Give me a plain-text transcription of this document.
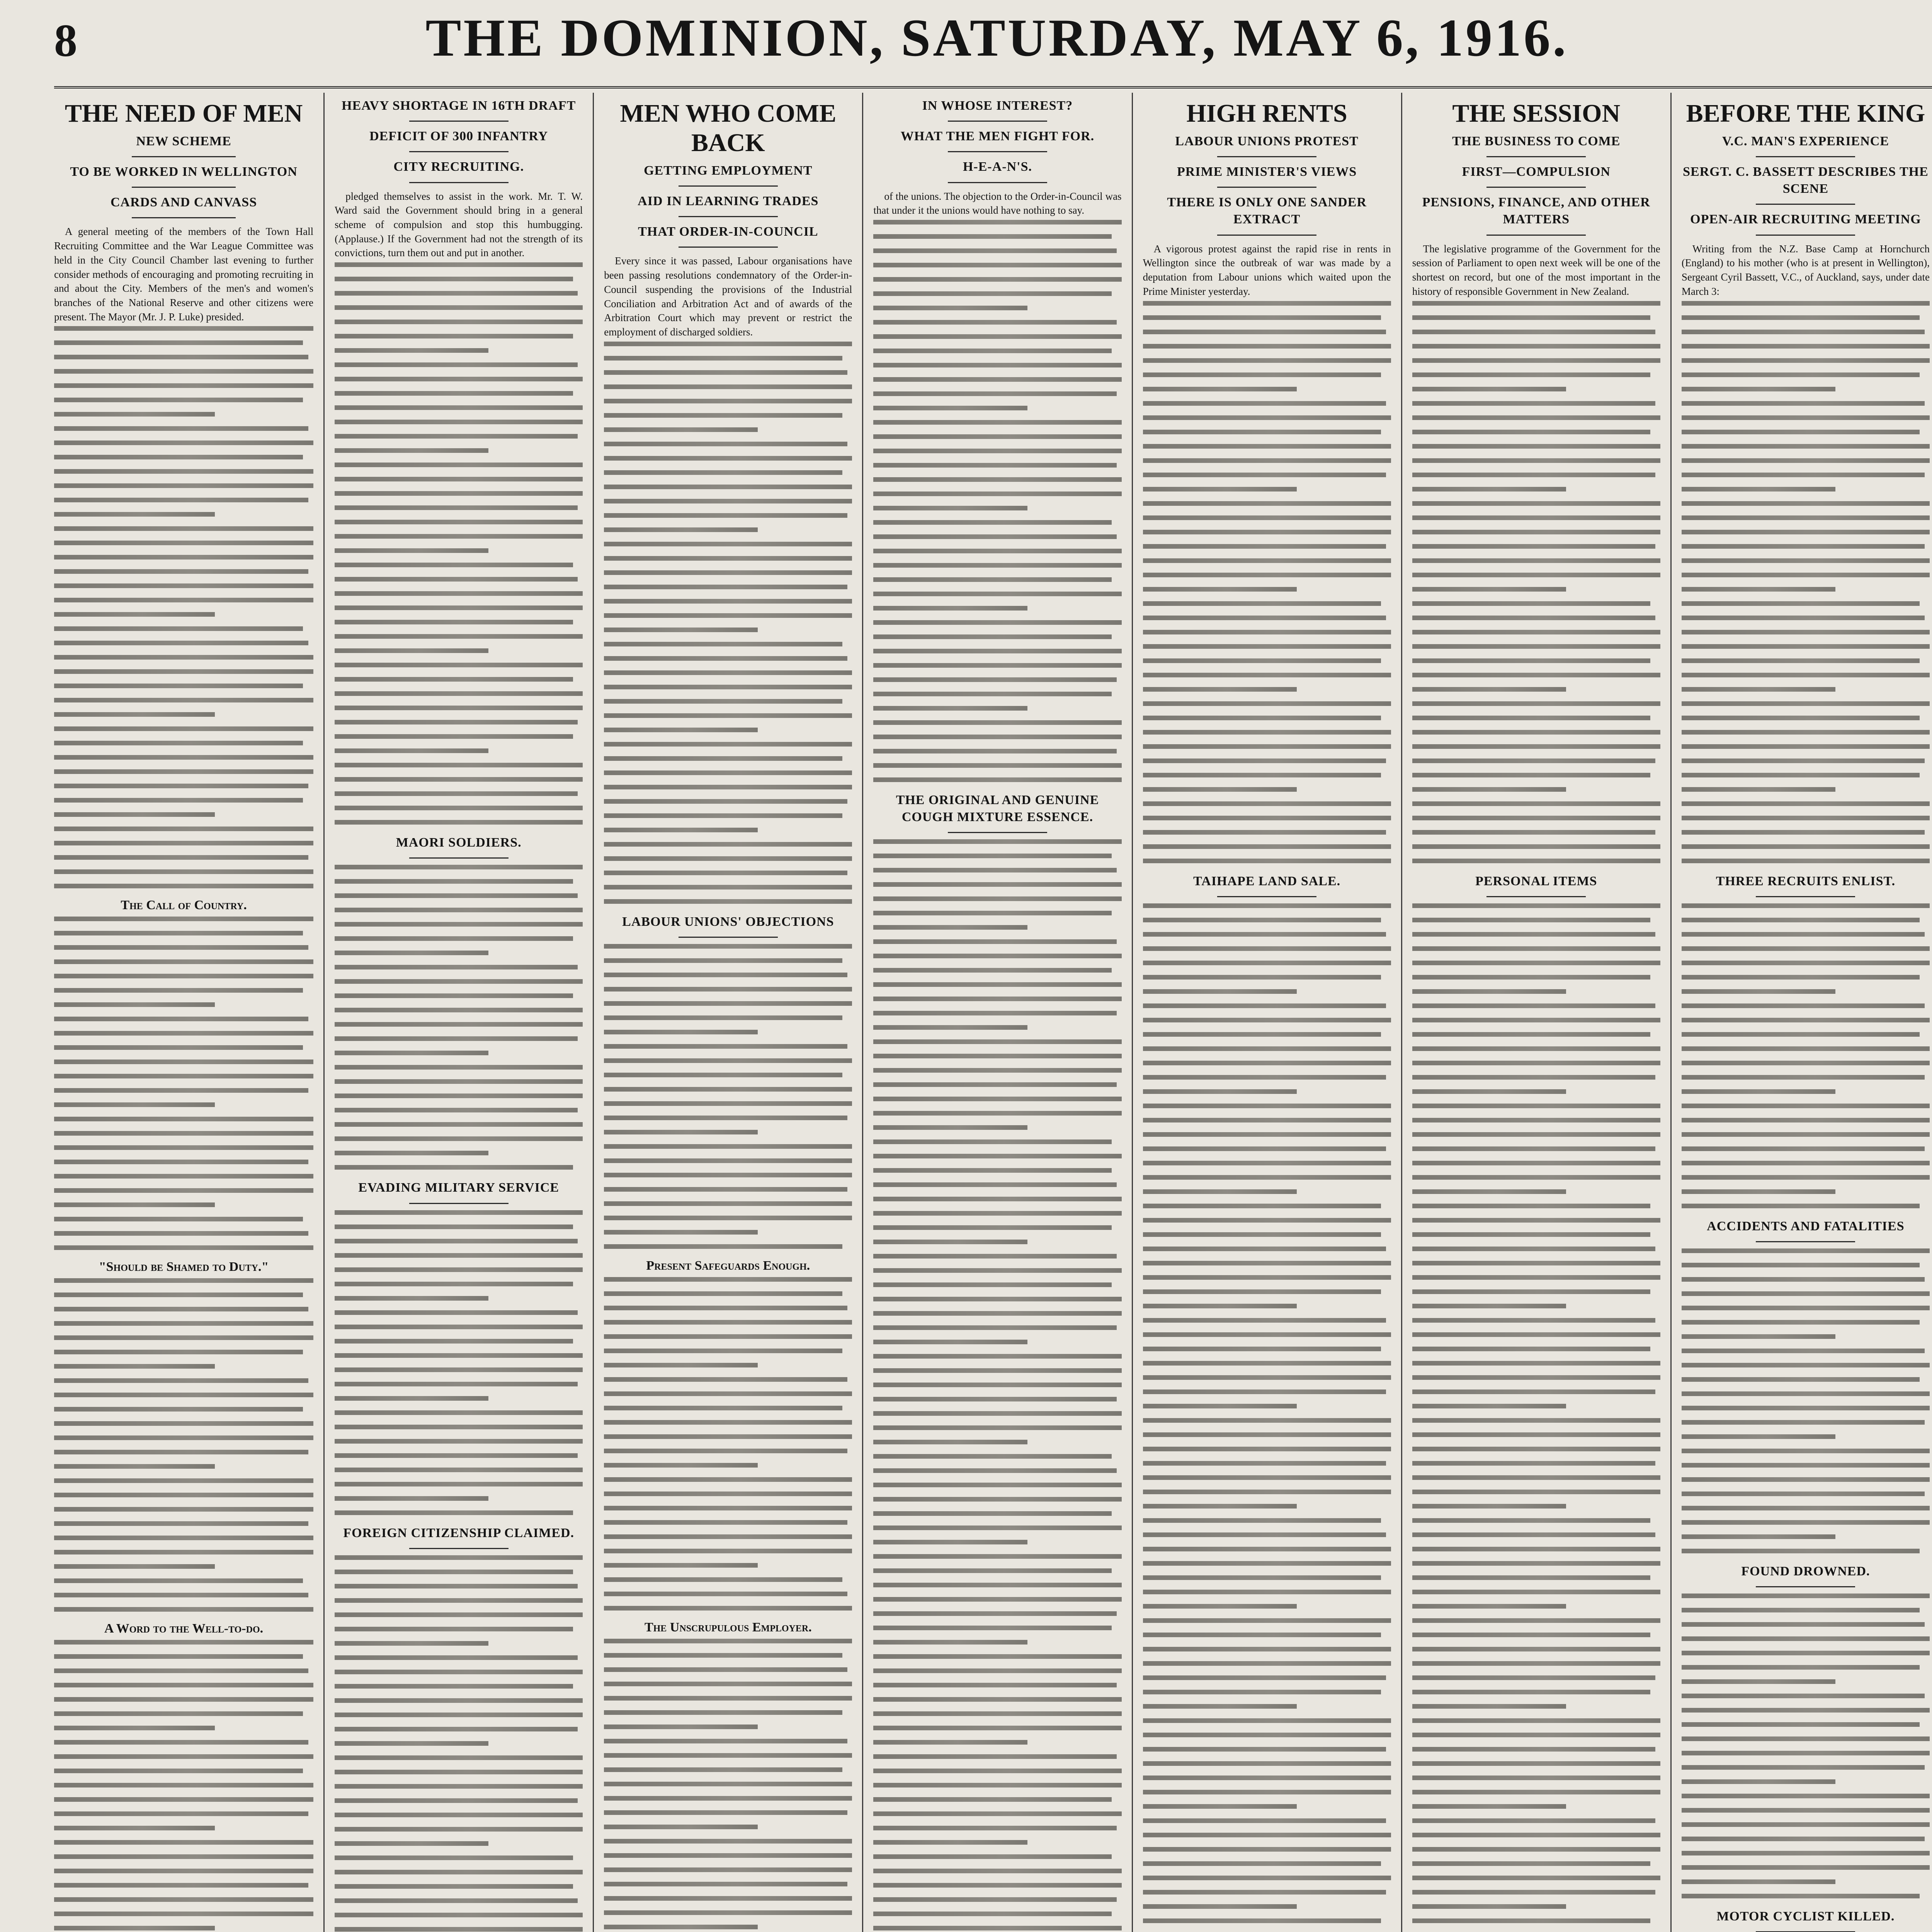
8	THE DOMINION, SATURDAY, MAY 6, 1916.
THE NEED OF MEN
NEW SCHEME
TO BE WORKED IN WELLINGTON
CARDS AND CANVASS

A general meeting of the members of the Town Hall Recruiting Committee and the War League Committee was held in the City Council Chamber last evening to further consider methods of encouraging and promoting recruiting in and about the City. Members of the men's and women's branches of the National Reserve and other citizens were present. The Mayor (Mr. J. P. Luke) presided.

The Call of Country.
"Should be Shamed to Duty."
A Word to the Well-to-do.
HEAVY SHORTAGE IN 16TH DRAFT
DEFICIT OF 300 INFANTRY
CITY RECRUITING.

pledged themselves to assist in the work. Mr. T. W. Ward said the Government should bring in a general scheme of compulsion and stop this humbugging. (Applause.) If the Government had not the strength of its convictions, turn them out and put in another.

MAORI SOLDIERS.
EVADING MILITARY SERVICE
FOREIGN CITIZENSHIP CLAIMED.
MEN WHO COME BACK
GETTING EMPLOYMENT
AID IN LEARNING TRADES
THAT ORDER-IN-COUNCIL

Every since it was passed, Labour organisations have been passing resolutions condemnatory of the Order-in-Council suspending the provisions of the Industrial Conciliation and Arbitration Act and of awards of the Arbitration Court which may prevent or restrict the employment of discharged soldiers.

LABOUR UNIONS' OBJECTIONS
Present Safeguards Enough.
The Unscrupulous Employer.
IN WHOSE INTEREST?
WHAT THE MEN FIGHT FOR.
H-E-A-N'S.

of the unions. The objection to the Order-in-Council was that under it the unions would have nothing to say.

THE ORIGINAL AND GENUINE COUGH MIXTURE ESSENCE.
HIGH RENTS
LABOUR UNIONS PROTEST
PRIME MINISTER'S VIEWS
THERE IS ONLY ONE SANDER EXTRACT

A vigorous protest against the rapid rise in rents in Wellington since the outbreak of war was made by a deputation from Labour unions which waited upon the Prime Minister yesterday.

TAIHAPE LAND SALE.
THE SESSION
THE BUSINESS TO COME
FIRST—COMPULSION
PENSIONS, FINANCE, AND OTHER MATTERS

The legislative programme of the Government for the session of Parliament to open next week will be one of the shortest on record, but one of the most important in the history of responsible Government in New Zealand.

PERSONAL ITEMS
BEFORE THE KING
V.C. MAN'S EXPERIENCE
SERGT. C. BASSETT DESCRIBES THE SCENE
OPEN-AIR RECRUITING MEETING

Writing from the N.Z. Base Camp at Hornchurch (England) to his mother (who is at present in Wellington), Sergeant Cyril Bassett, V.C., of Auckland, says, under date March 3:

THREE RECRUITS ENLIST.
ACCIDENTS AND FATALITIES
FOUND DROWNED.
MOTOR CYCLIST KILLED.
